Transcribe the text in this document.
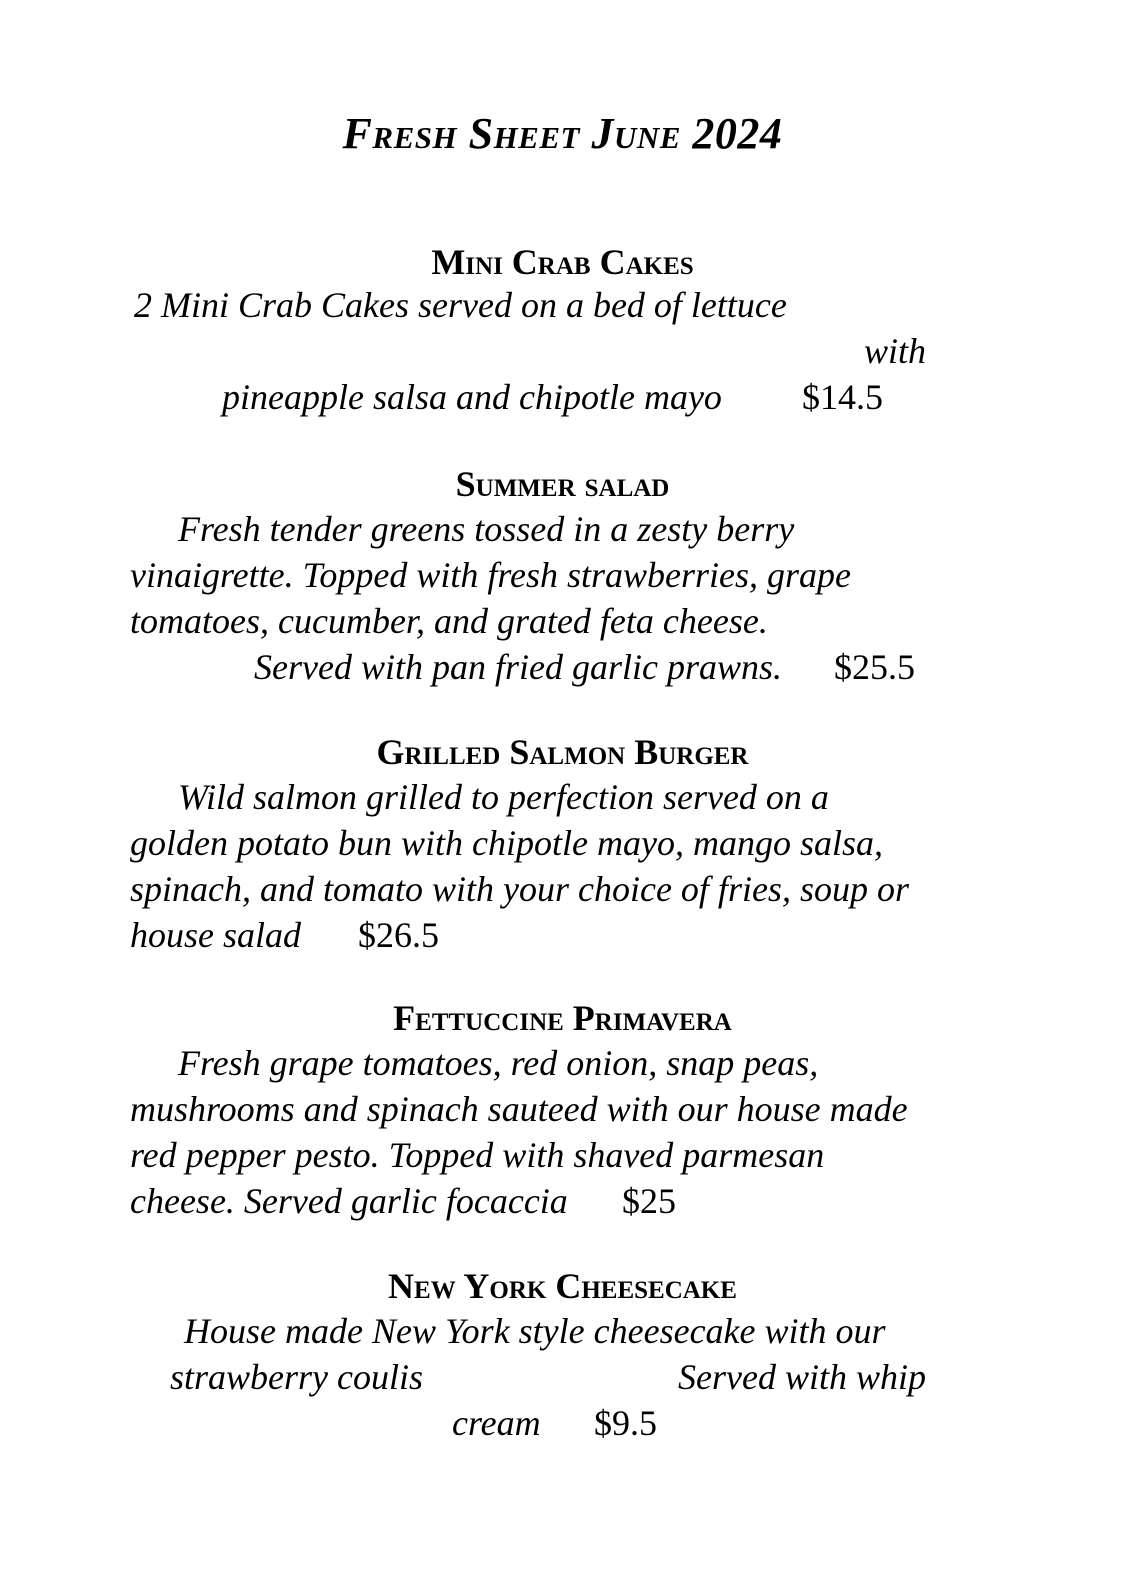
Fresh Sheet June 2024
Mini Crab Cakes
2 Mini Crab Cakes served on a bed of lettuce
with
pineapple salsa and chipotle mayo $14.5
Summer salad
Fresh tender greens tossed in a zesty berry
vinaigrette. Topped with fresh strawberries, grape
tomatoes, cucumber, and grated feta cheese.
Served with pan fried garlic prawns. $25.5
Grilled Salmon Burger
Wild salmon grilled to perfection served on a
golden potato bun with chipotle mayo, mango salsa,
spinach, and tomato with your choice of fries, soup or
house salad $26.5
Fettuccine Primavera
Fresh grape tomatoes, red onion, snap peas,
mushrooms and spinach sauteed with our house made
red pepper pesto. Topped with shaved parmesan
cheese. Served garlic focaccia $25
New York Cheesecake
House made New York style cheesecake with our
strawberry coulis	Served with whip
cream $9.5
